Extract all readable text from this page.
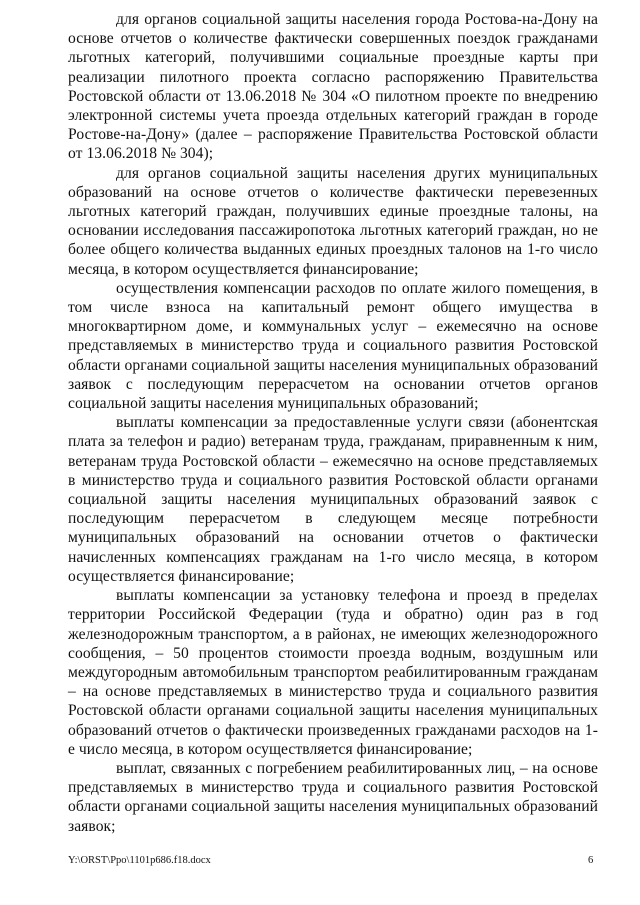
для органов социальной защиты населения города Ростова-на-Дону на основе отчетов о количестве фактически совершенных поездок гражданами льготных категорий, получившими социальные проездные карты при реализации пилотного проекта согласно распоряжению Правительства Ростовской области от 13.06.2018 № 304 «О пилотном проекте по внедрению электронной системы учета проезда отдельных категорий граждан в городе Ростове-на-Дону» (далее – распоряжение Правительства Ростовской области от 13.06.2018 № 304);

для органов социальной защиты населения других муниципальных образований на основе отчетов о количестве фактически перевезенных льготных категорий граждан, получивших единые проездные талоны, на основании исследования пассажиропотока льготных категорий граждан, но не более общего количества выданных единых проездных талонов на 1-го число месяца, в котором осуществляется финансирование;

осуществления компенсации расходов по оплате жилого помещения, в том числе взноса на капитальный ремонт общего имущества в многоквартирном доме, и коммунальных услуг – ежемесячно на основе представляемых в министерство труда и социального развития Ростовской области органами социальной защиты населения муниципальных образований заявок с последующим перерасчетом на основании отчетов органов социальной защиты населения муниципальных образований;

выплаты компенсации за предоставленные услуги связи (абонентская плата за телефон и радио) ветеранам труда, гражданам, приравненным к ним, ветеранам труда Ростовской области – ежемесячно на основе представляемых в министерство труда и социального развития Ростовской области органами социальной защиты населения муниципальных образований заявок с последующим перерасчетом в следующем месяце потребности муниципальных образований на основании отчетов о фактически начисленных компенсациях гражданам на 1-го число месяца, в котором осуществляется финансирование;

выплаты компенсации за установку телефона и проезд в пределах территории Российской Федерации (туда и обратно) один раз в год железнодорожным транспортом, а в районах, не имеющих железнодорожного сообщения, – 50 процентов стоимости проезда водным, воздушным или междугородным автомобильным транспортом реабилитированным гражданам – на основе представляемых в министерство труда и социального развития Ростовской области органами социальной защиты населения муниципальных образований отчетов о фактически произведенных гражданами расходов на 1-е число месяца, в котором осуществляется финансирование;

выплат, связанных с погребением реабилитированных лиц, – на основе представляемых в министерство труда и социального развития Ростовской области органами социальной защиты населения муниципальных образований заявок;

Y:\ORST\Ppo\1101p686.f18.docx	6
